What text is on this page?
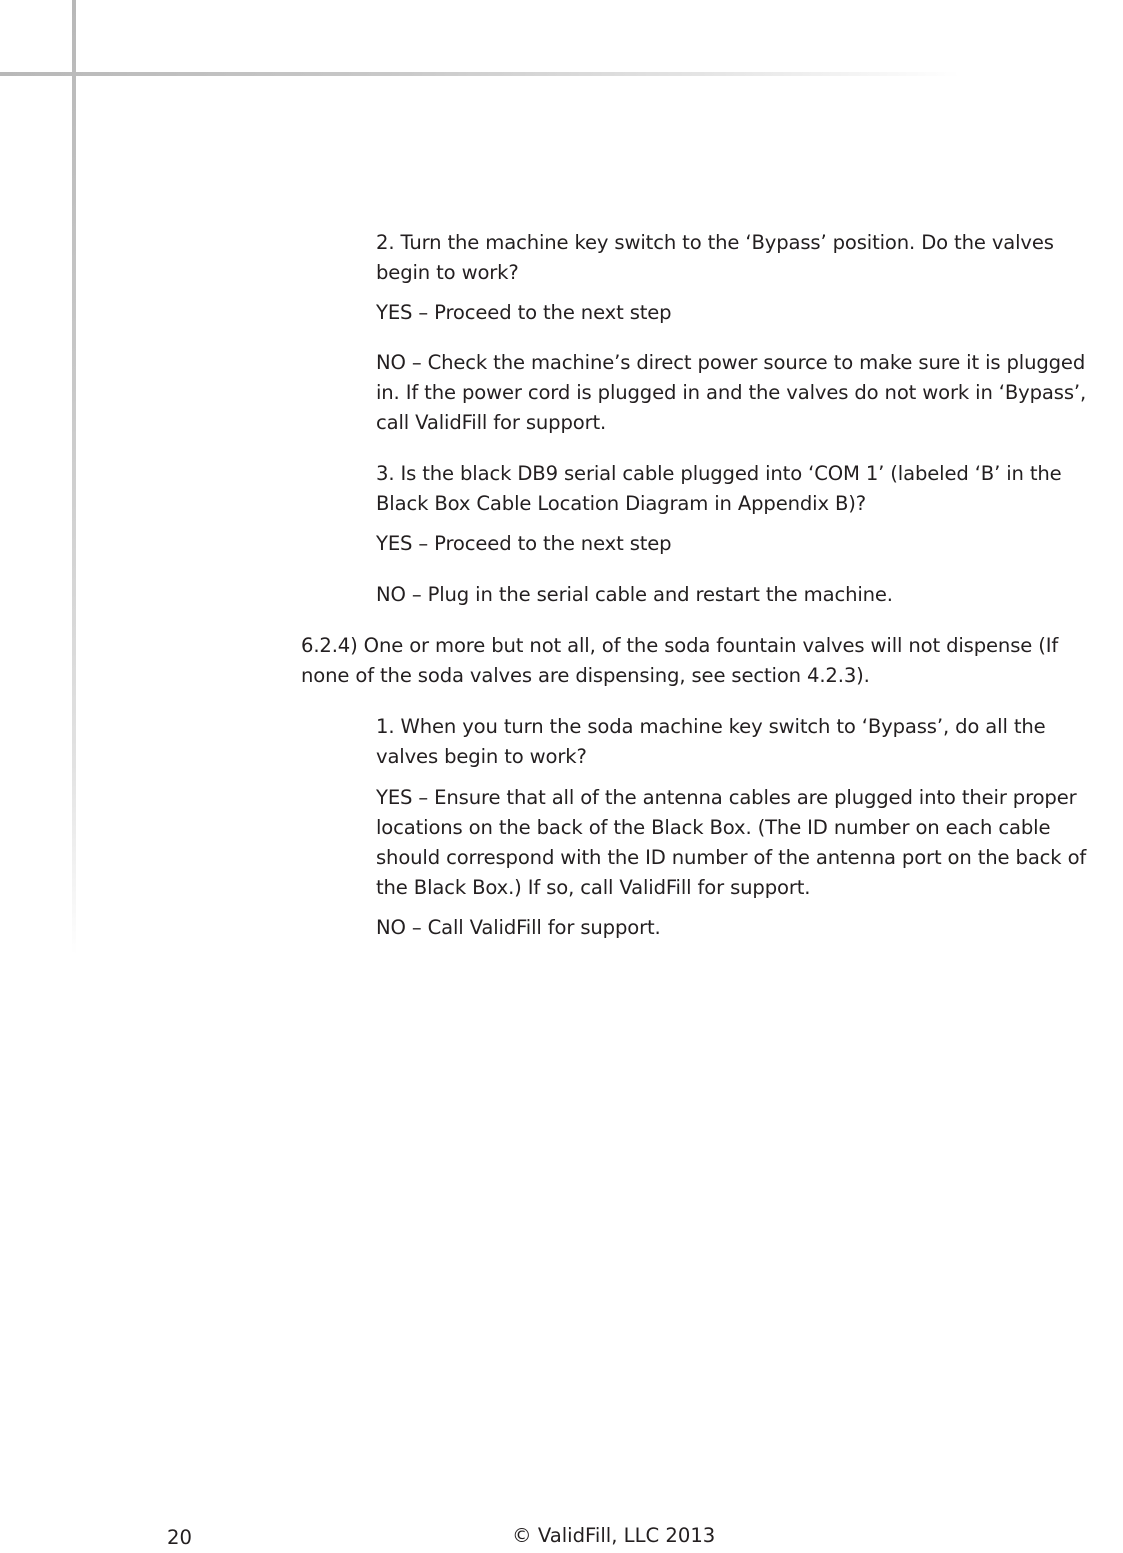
2. Turn the machine key switch to the ‘Bypass’ position. Do the valves

begin to work?

YES – Proceed to the next step

NO – Check the machine’s direct power source to make sure it is plugged

in. If the power cord is plugged in and the valves do not work in ‘Bypass’,

call ValidFill for support.

3. Is the black DB9 serial cable plugged into ‘COM 1’ (labeled ‘B’ in the

Black Box Cable Location Diagram in Appendix B)?

YES – Proceed to the next step

NO – Plug in the serial cable and restart the machine.

6.2.4) One or more but not all, of the soda fountain valves will not dispense (If

none of the soda valves are dispensing, see section 4.2.3).

1. When you turn the soda machine key switch to ‘Bypass’, do all the

valves begin to work?

YES – Ensure that all of the antenna cables are plugged into their proper

locations on the back of the Black Box. (The ID number on each cable

should correspond with the ID number of the antenna port on the back of

the Black Box.) If so, call ValidFill for support.

NO – Call ValidFill for support.

20	© ValidFill, LLC 2013
